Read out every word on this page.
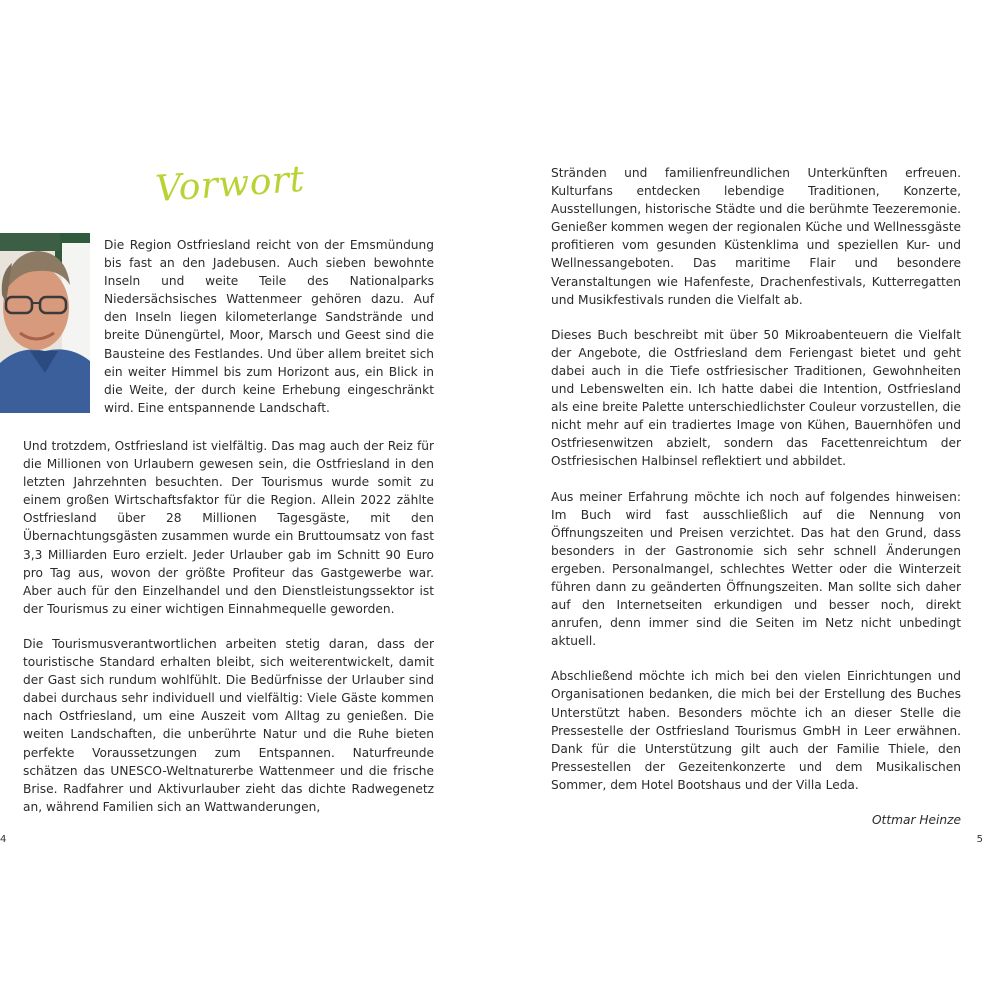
Vorwort

Die Region Ostfriesland reicht von der Emsmündung bis fast an den Jadebusen. Auch sieben bewohnte Inseln und weite Teile des Nationalparks Niedersächsisches Wattenmeer gehören dazu. Auf den Inseln liegen kilometerlange Sandstrände und breite Dünengürtel, Moor, Marsch und Geest sind die Bausteine des Festlandes. Und über allem breitet sich ein weiter Himmel bis zum Horizont aus, ein Blick in die Weite, der durch keine Erhebung eingeschränkt wird. Eine entspannende Landschaft.

Und trotzdem, Ostfriesland ist vielfältig. Das mag auch der Reiz für die Millionen von Urlaubern gewesen sein, die Ostfriesland in den letzten Jahrzehnten besuchten. Der Tourismus wurde somit zu einem großen Wirtschaftsfaktor für die Region. Allein 2022 zählte Ostfriesland über 28 Millionen Tagesgäste, mit den Übernachtungsgästen zusammen wurde ein Bruttoumsatz von fast 3,3 Milliarden Euro erzielt. Jeder Urlauber gab im Schnitt 90 Euro pro Tag aus, wovon der größte Profiteur das Gastgewerbe war. Aber auch für den Einzelhandel und den Dienstleistungssektor ist der Tourismus zu einer wichtigen Einnahmequelle geworden.

Die Tourismusverantwortlichen arbeiten stetig daran, dass der touristische Standard erhalten bleibt, sich weiterentwickelt, damit der Gast sich rundum wohlfühlt. Die Bedürfnisse der Urlauber sind dabei durchaus sehr individuell und vielfältig: Viele Gäste kommen nach Ostfriesland, um eine Auszeit vom Alltag zu genießen. Die weiten Landschaften, die unberührte Natur und die Ruhe bieten perfekte Voraussetzungen zum Entspannen. Naturfreunde schätzen das UNESCO-Weltnaturerbe Wattenmeer und die frische Brise. Radfahrer und Aktivurlauber zieht das dichte Radwegenetz an, während Familien sich an Wattwanderungen,

Stränden und familienfreundlichen Unterkünften erfreuen. Kulturfans entdecken lebendige Traditionen, Konzerte, Ausstellungen, historische Städte und die berühmte Teezeremonie. Genießer kommen wegen der regionalen Küche und Wellnessgäste profitieren vom gesunden Küstenklima und speziellen Kur- und Wellnessangeboten. Das maritime Flair und besondere Veranstaltungen wie Hafenfeste, Drachenfestivals, Kutterregatten und Musikfestivals runden die Vielfalt ab.

Dieses Buch beschreibt mit über 50 Mikroabenteuern die Vielfalt der Angebote, die Ostfriesland dem Feriengast bietet und geht dabei auch in die Tiefe ostfriesischer Traditionen, Gewohnheiten und Lebenswelten ein. Ich hatte dabei die Intention, Ostfriesland als eine breite Palette unterschiedlichster Couleur vorzustellen, die nicht mehr auf ein tradiertes Image von Kühen, Bauernhöfen und Ostfriesenwitzen abzielt, sondern das Facettenreichtum der Ostfriesischen Halbinsel reflektiert und abbildet.

Aus meiner Erfahrung möchte ich noch auf folgendes hinweisen: Im Buch wird fast ausschließlich auf die Nennung von Öffnungszeiten und Preisen verzichtet. Das hat den Grund, dass besonders in der Gastronomie sich sehr schnell Änderungen ergeben. Personalmangel, schlechtes Wetter oder die Winterzeit führen dann zu geänderten Öffnungszeiten. Man sollte sich daher auf den Internetseiten erkundigen und besser noch, direkt anrufen, denn immer sind die Seiten im Netz nicht unbedingt aktuell.

Abschließend möchte ich mich bei den vielen Einrichtungen und Organisationen bedanken, die mich bei der Erstellung des Buches Unterstützt haben. Besonders möchte ich an dieser Stelle die Pressestelle der Ostfriesland Tourismus GmbH in Leer erwähnen. Dank für die Unterstützung gilt auch der Familie Thiele, den Pressestellen der Gezeitenkonzerte und dem Musikalischen Sommer, dem Hotel Bootshaus und der Villa Leda.

Ottmar Heinze
4	5
